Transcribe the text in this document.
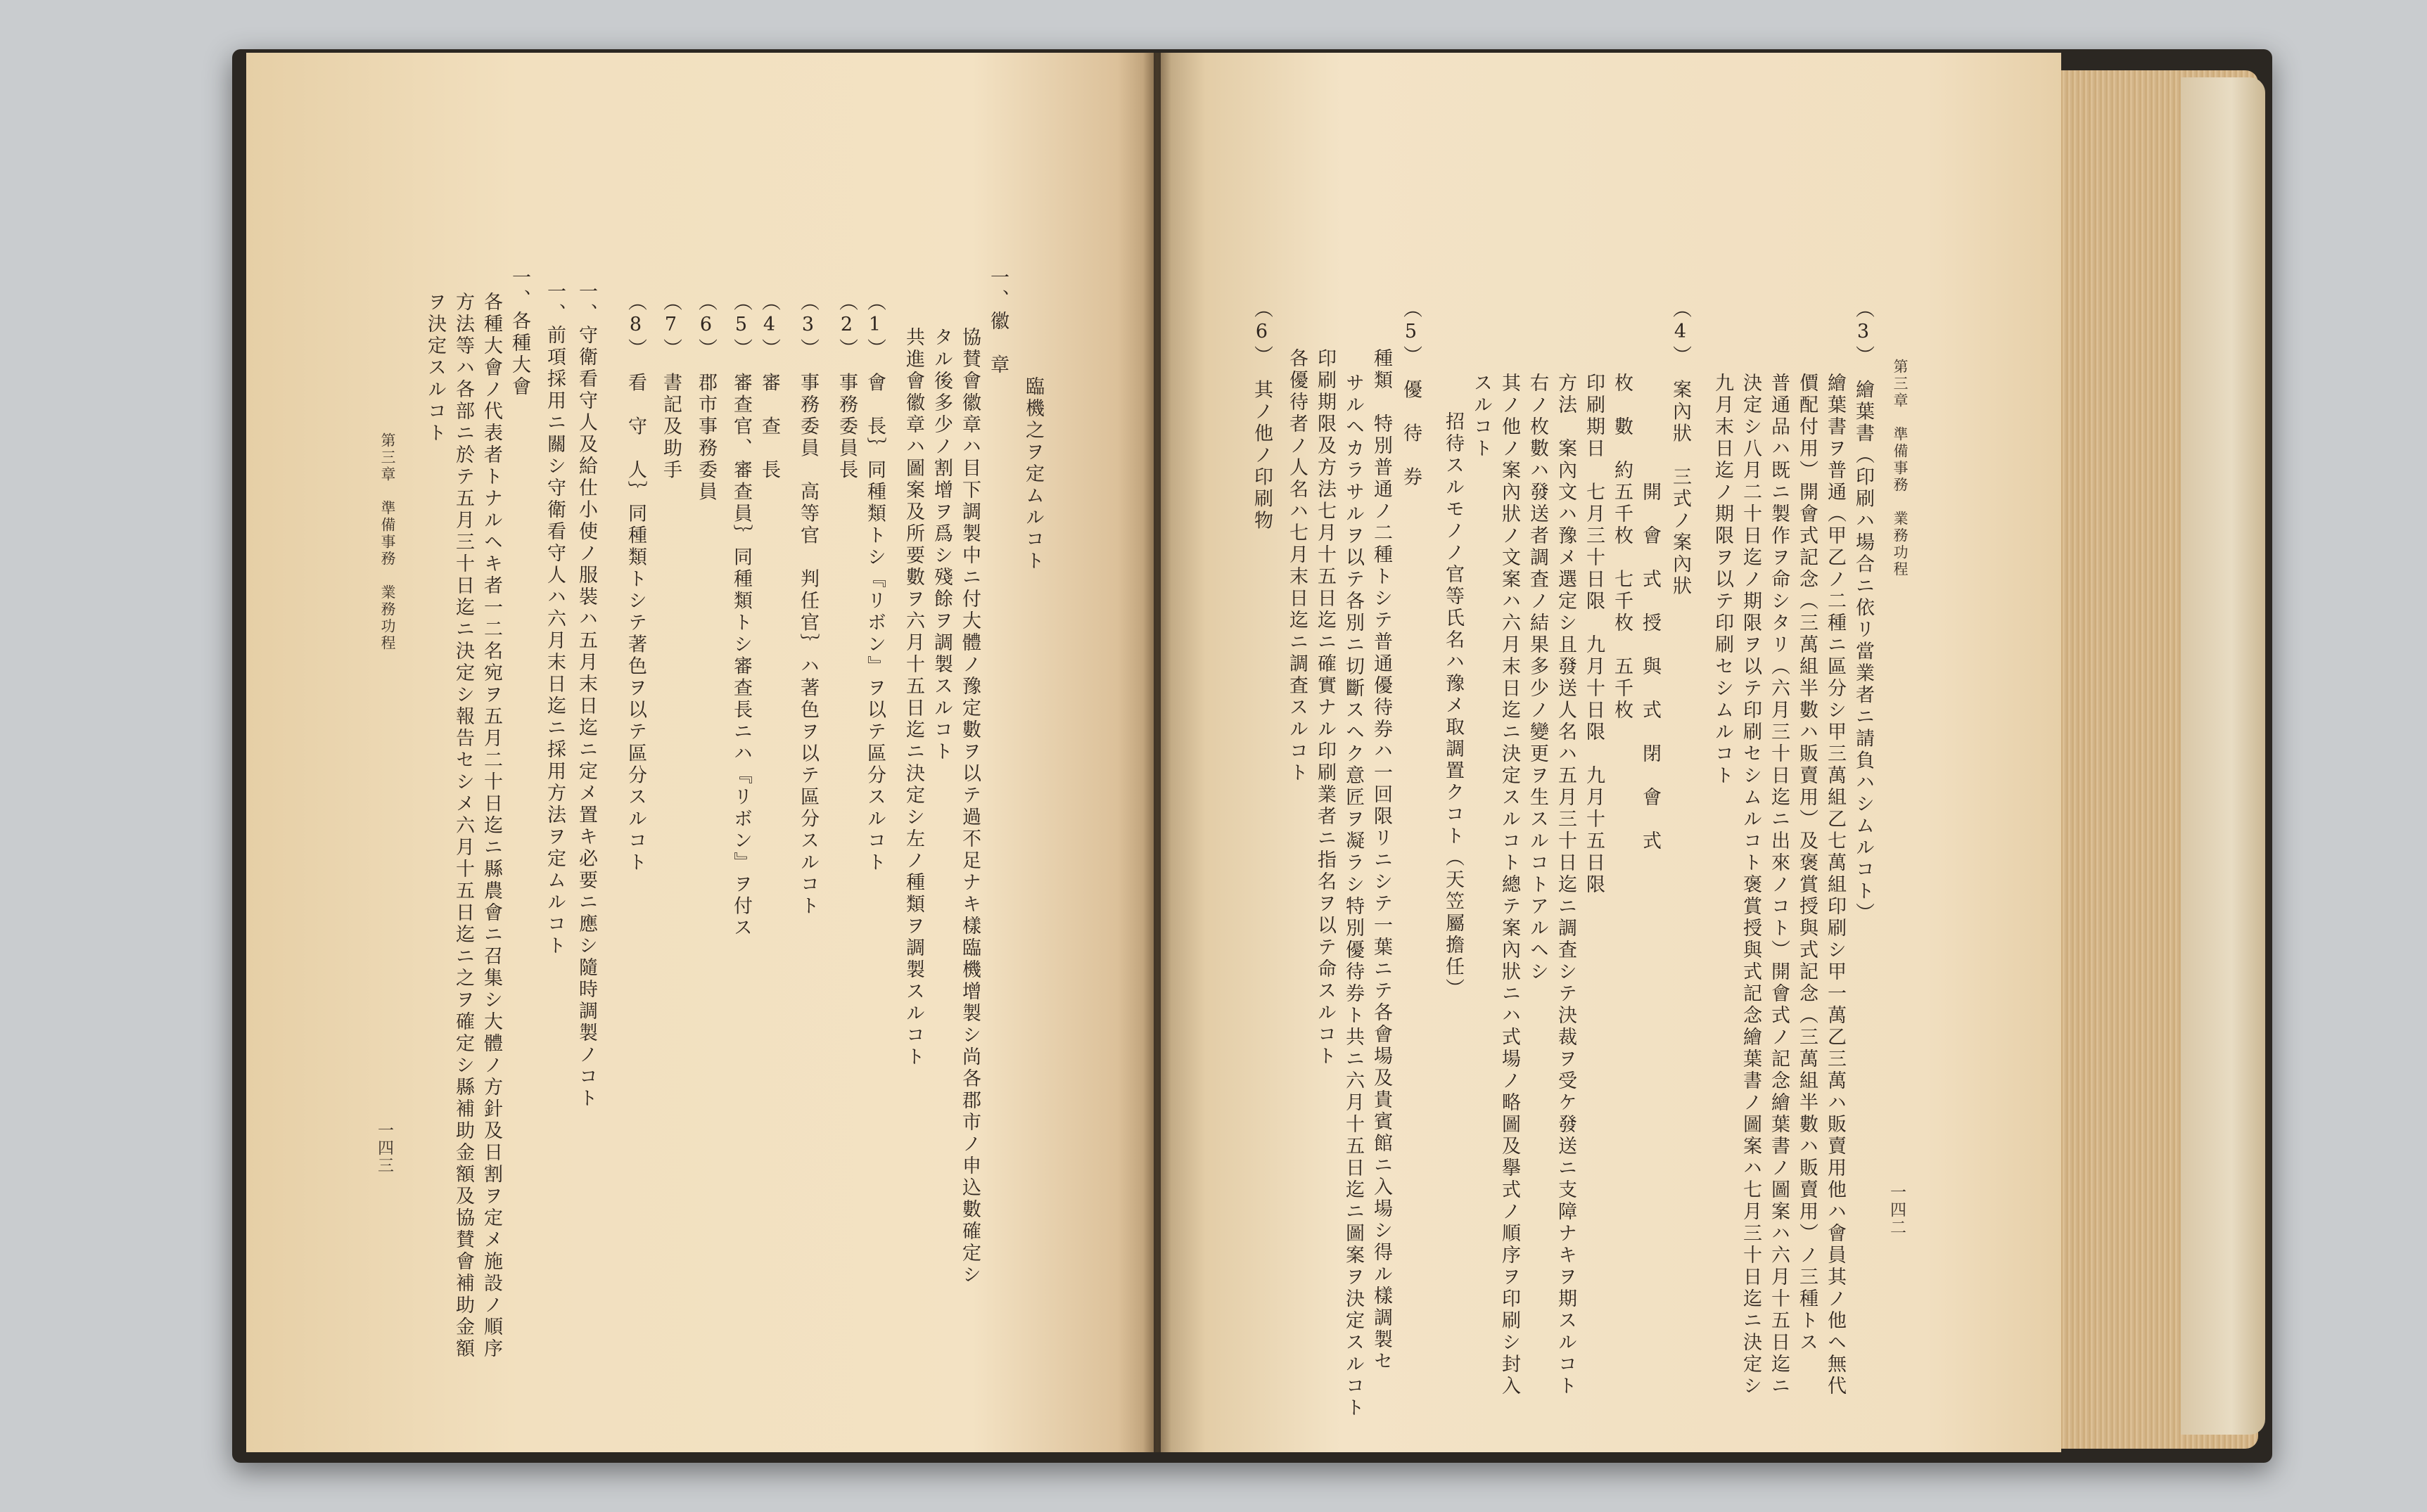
第三章　準備事務　業務功程
一四二
（3）　繪葉書（印刷ハ場合ニ依リ當業者ニ請負ハシムルコト）
繪葉書ヲ普通（甲乙ノ二種ニ區分シ甲三萬組乙七萬組印刷シ甲一萬乙三萬ハ販賣用他ハ會員其ノ他ヘ無代
價配付用）開會式記念（三萬組半數ハ販賣用）及褒賞授與式記念（三萬組半數ハ販賣用）ノ三種トス
普通品ハ既ニ製作ヲ命シタリ（六月三十日迄ニ出來ノコト）開會式ノ記念繪葉書ノ圖案ハ六月十五日迄ニ
決定シ八月二十日迄ノ期限ヲ以テ印刷セシムルコト褒賞授與式記念繪葉書ノ圖案ハ七月三十日迄ニ決定シ
九月末日迄ノ期限ヲ以テ印刷セシムルコト
（4）　案內狀　三式ノ案內狀
開　會　式　授　與　式　閉　會　式
枚　數　約五千枚　七千枚　五千枚
印刷期日　七月三十日限　九月十日限　九月十五日限
方法　案內文ハ豫メ選定シ且發送人名ハ五月三十日迄ニ調査シテ決裁ヲ受ケ發送ニ支障ナキヲ期スルコト
右ノ枚數ハ發送者調査ノ結果多少ノ變更ヲ生スルコトアルヘシ
其ノ他ノ案內狀ノ文案ハ六月末日迄ニ決定スルコト總テ案內狀ニハ式場ノ略圖及擧式ノ順序ヲ印刷シ封入
スルコト
招待スルモノノ官等氏名ハ豫メ取調置クコト（天笠屬擔任）
（5）　優　待　券
種類　特別普通ノ二種トシテ普通優待券ハ一回限リニシテ一葉ニテ各會場及貴賓館ニ入場シ得ル樣調製セ
サルヘカラサルヲ以テ各別ニ切斷スヘク意匠ヲ凝ラシ特別優待券ト共ニ六月十五日迄ニ圖案ヲ決定スルコト
印刷期限及方法七月十五日迄ニ確實ナル印刷業者ニ指名ヲ以テ命スルコト
各優待者ノ人名ハ七月末日迄ニ調査スルコト
（6）　其ノ他ノ印刷物
臨機之ヲ定ムルコト
一、徽　章
協賛會徽章ハ目下調製中ニ付大體ノ豫定數ヲ以テ過不足ナキ樣臨機增製シ尚各郡市ノ申込數確定シ
タル後多少ノ割增ヲ爲シ殘餘ヲ調製スルコト
共進會徽章ハ圖案及所要數ヲ六月十五日迄ニ決定シ左ノ種類ヲ調製スルコト
（1）　會　長｝同種類トシ『リボン』ヲ以テ區分スルコト
（2）　事務委員長
（3）　事務委員　高等官　判任官｝ハ著色ヲ以テ區分スルコト
（4）　審　查　長
（5）　審查官、審查員｝同種類トシ審查長ニハ『リボン』ヲ付ス
（6）　郡市事務委員
（7）　書記及助手
（8）　看　守　人｝同種類トシテ著色ヲ以テ區分スルコト
一、守衛看守人及給仕小使ノ服裝ハ五月末日迄ニ定メ置キ必要ニ應シ隨時調製ノコト
一、前項採用ニ關シ守衛看守人ハ六月末日迄ニ採用方法ヲ定ムルコト
一、各種大會
各種大會ノ代表者トナルヘキ者一二名宛ヲ五月二十日迄ニ縣農會ニ召集シ大體ノ方針及日割ヲ定メ施設ノ順序
方法等ハ各部ニ於テ五月三十日迄ニ決定シ報告セシメ六月十五日迄ニ之ヲ確定シ縣補助金額及協賛會補助金額
ヲ決定スルコト
第三章　準備事務　業務功程
一四三
